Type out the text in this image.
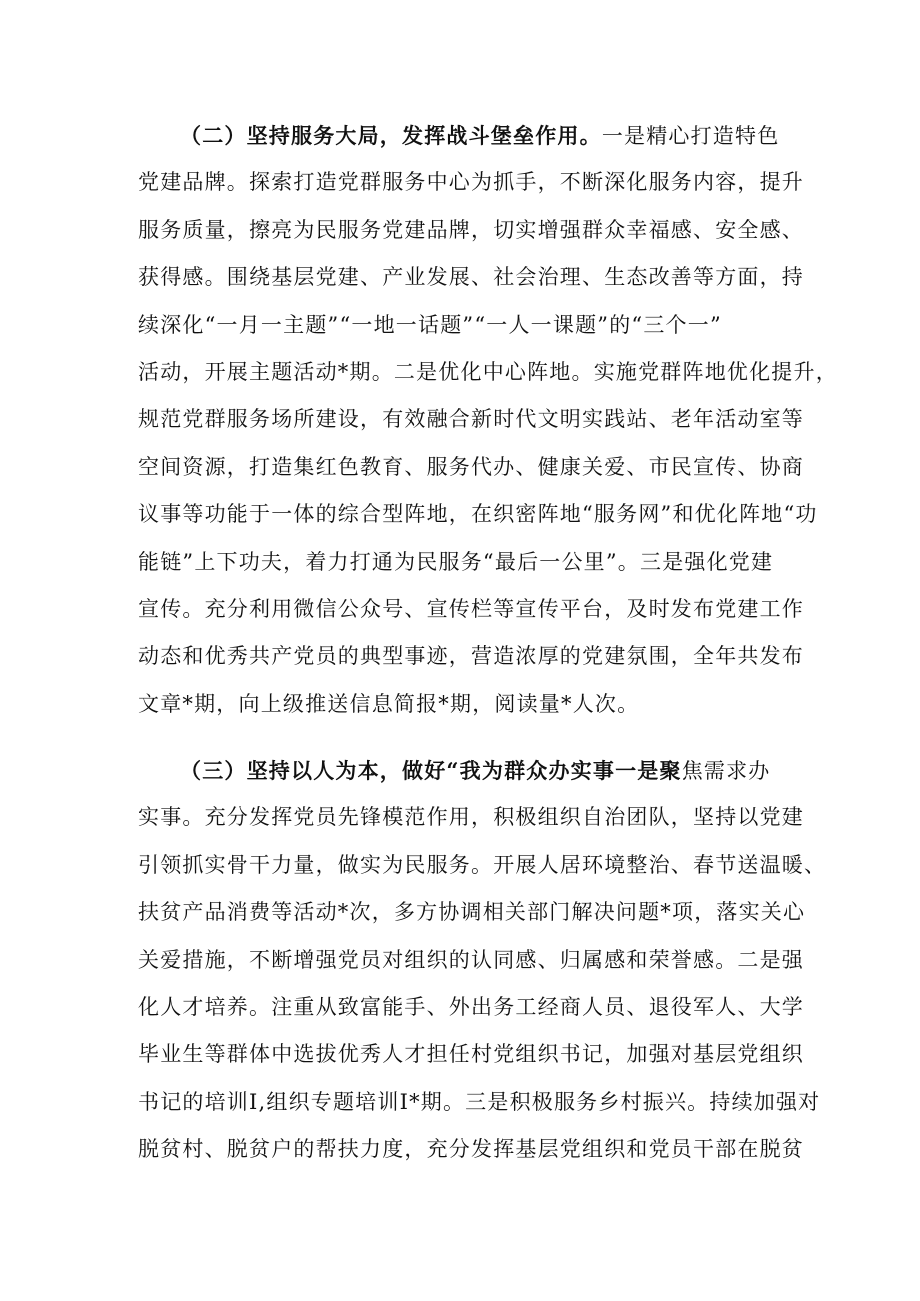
（二）坚持服务大局，发挥战斗堡垒作用。一是精心打造特色
党建品牌。探索打造党群服务中心为抓手，不断深化服务内容，提升
服务质量，擦亮为民服务党建品牌，切实增强群众幸福感、安全感、
获得感。围绕基层党建、产业发展、社会治理、生态改善等方面，持
续深化“一月一主题”“一地一话题”“一人一课题”的“三个一”
活动，开展主题活动*期。二是优化中心阵地。实施党群阵地优化提升，
规范党群服务场所建设，有效融合新时代文明实践站、老年活动室等
空间资源，打造集红色教育、服务代办、健康关爱、市民宣传、协商
议事等功能于一体的综合型阵地，在织密阵地“服务网”和优化阵地“功
能链”上下功夫，着力打通为民服务“最后一公里”。三是强化党建
宣传。充分利用微信公众号、宣传栏等宣传平台，及时发布党建工作
动态和优秀共产党员的典型事迹，营造浓厚的党建氛围，全年共发布
文章*期，向上级推送信息简报*期，阅读量*人次。
（三）坚持以人为本，做好“我为群众办实事一是聚焦需求办
实事。充分发挥党员先锋模范作用，积极组织自治团队，坚持以党建
引领抓实骨干力量，做实为民服务。开展人居环境整治、春节送温暖、
扶贫产品消费等活动*次，多方协调相关部门解决问题*项，落实关心
关爱措施，不断增强党员对组织的认同感、归属感和荣誉感。二是强
化人才培养。注重从致富能手、外出务工经商人员、退役军人、大学
毕业生等群体中选拔优秀人才担任村党组织书记，加强对基层党组织
书记的培训I,组织专题培训I*期。三是积极服务乡村振兴。持续加强对
脱贫村、脱贫户的帮扶力度，充分发挥基层党组织和党员干部在脱贫
